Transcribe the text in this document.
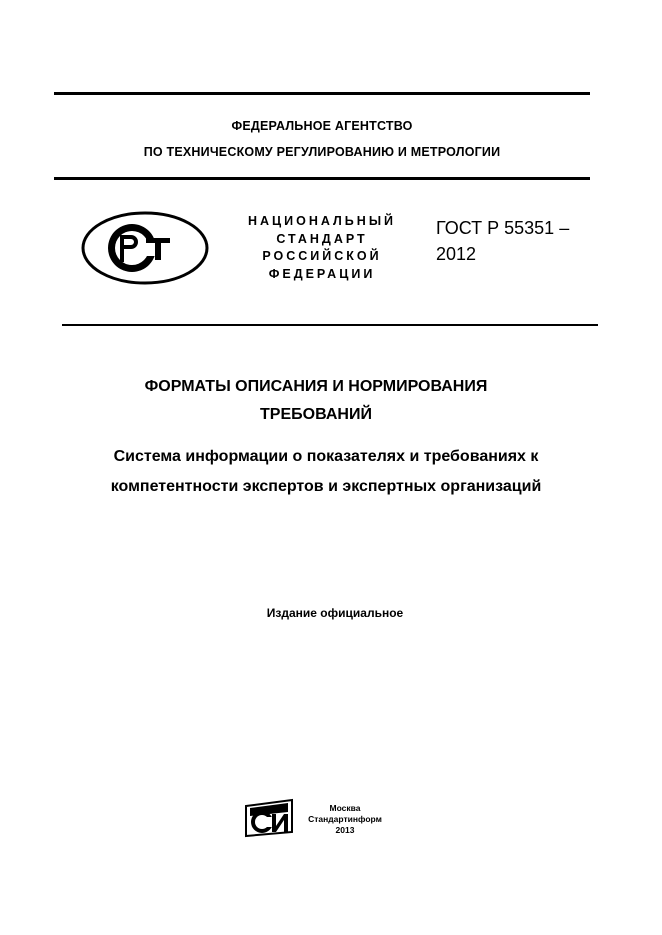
ФЕДЕРАЛЬНОЕ АГЕНТСТВО
ПО ТЕХНИЧЕСКОМУ РЕГУЛИРОВАНИЮ И МЕТРОЛОГИИ
НАЦИОНАЛЬНЫЙ
СТАНДАРТ
РОССИЙСКОЙ
ФЕДЕРАЦИИ
ГОСТ Р 55351 –
2012
ФОРМАТЫ ОПИСАНИЯ И НОРМИРОВАНИЯ
ТРЕБОВАНИЙ
Система информации о показателях и требованиях к
компетентности экспертов и экспертных организаций
Издание официальное
Москва
Стандартинформ
2013
